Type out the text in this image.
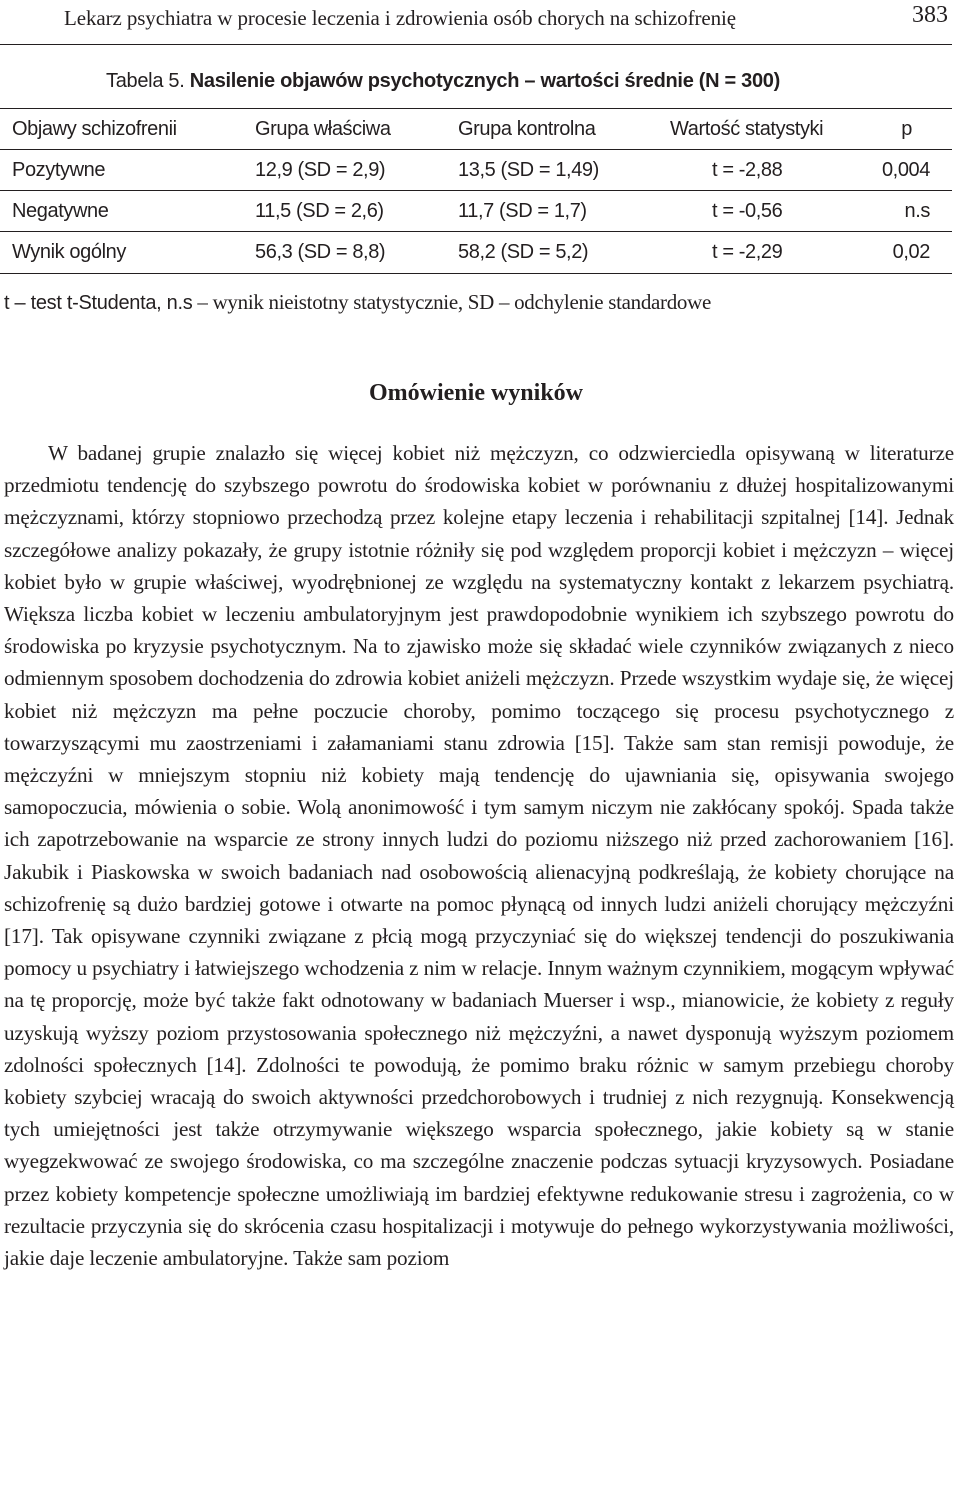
Lekarz psychiatra w procesie leczenia i zdrowienia osób chorych na schizofrenię	383
Tabela 5. Nasilenie objawów psychotycznych – wartości średnie (N = 300)
Objawy schizofrenii	Grupa właściwa	Grupa kontrolna	Wartość statystyki	p
Pozytywne	12,9 (SD = 2,9)	13,5 (SD = 1,49)	t = -2,88	0,004
Negatywne	11,5 (SD = 2,6)	11,7 (SD = 1,7)	t = -0,56	n.s
Wynik ogólny	56,3 (SD = 8,8)	58,2 (SD = 5,2)	t = -2,29	0,02
t – test t-Studenta, n.s – wynik nieistotny statystycznie, SD – odchylenie standardowe
Omówienie wyników

W badanej grupie znalazło się więcej kobiet niż mężczyzn, co odzwierciedla opisywaną w literaturze przedmiotu tendencję do szybszego powrotu do środowiska kobiet w porównaniu z dłużej hospitalizowanymi mężczyznami, którzy stopniowo przechodzą przez kolejne etapy leczenia i rehabilitacji szpitalnej [14]. Jednak szczegółowe analizy pokazały, że grupy istotnie różniły się pod względem proporcji kobiet i mężczyzn – więcej kobiet było w grupie właściwej, wyodrębnionej ze względu na systematyczny kontakt z lekarzem psychiatrą. Większa liczba kobiet w leczeniu ambulatoryjnym jest prawdopodobnie wynikiem ich szybszego powrotu do środowiska po kryzysie psychotycznym. Na to zjawisko może się składać wiele czynników związanych z nieco odmiennym sposobem dochodzenia do zdrowia kobiet aniżeli mężczyzn. Przede wszystkim wydaje się, że więcej kobiet niż mężczyzn ma pełne poczucie choroby, pomimo toczącego się procesu psychotycznego z towarzyszącymi mu zaostrzeniami i załamaniami stanu zdrowia [15]. Także sam stan remisji powoduje, że mężczyźni w mniejszym stopniu niż kobiety mają tendencję do ujawniania się, opisywania swojego samopoczucia, mówienia o sobie. Wolą anonimowość i tym samym niczym nie zakłócany spokój. Spada także ich zapotrzebowanie na wsparcie ze strony innych ludzi do poziomu niższego niż przed zachorowaniem [16]. Jakubik i Piaskowska w swoich badaniach nad osobowością alienacyjną podkreślają, że kobiety chorujące na schizofrenię są dużo bardziej gotowe i otwarte na pomoc płynącą od innych ludzi aniżeli chorujący mężczyźni [17]. Tak opisywane czynniki związane z płcią mogą przyczyniać się do większej tendencji do poszukiwania pomocy u psychiatry i łatwiejszego wchodzenia z nim w relacje. Innym ważnym czynnikiem, mogącym wpływać na tę proporcję, może być także fakt odnotowany w badaniach Muerser i wsp., mianowicie, że kobiety z reguły uzyskują wyższy poziom przystosowania społecznego niż mężczyźni, a nawet dysponują wyższym poziomem zdolności społecznych [14]. Zdolności te powodują, że pomimo braku różnic w samym przebiegu choroby kobiety szybciej wracają do swoich aktywności przedchorobowych i trudniej z nich rezygnują. Konsekwencją tych umiejętności jest także otrzymywanie większego wsparcia społecznego, jakie kobiety są w stanie wyegzekwować ze swojego środowiska, co ma szczególne znaczenie podczas sytuacji kryzysowych. Posiadane przez kobiety kompetencje społeczne umożliwiają im bardziej efektywne redukowanie stresu i zagrożenia, co w rezultacie przyczynia się do skrócenia czasu hospitalizacji i motywuje do pełnego wykorzystywania możliwości, jakie daje leczenie ambulatoryjne. Także sam poziom
